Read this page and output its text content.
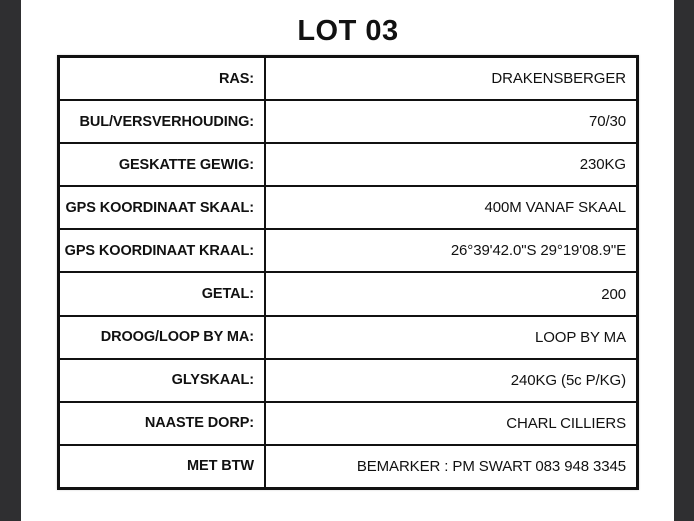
LOT 03
RAS:	DRAKENSBERGER
BUL/VERSVERHOUDING:	70/30
GESKATTE GEWIG:	230KG
GPS KOORDINAAT SKAAL:	400M VANAF SKAAL
GPS KOORDINAAT KRAAL:	26°39'42.0"S 29°19'08.9"E
GETAL:	200
DROOG/LOOP BY MA:	LOOP BY MA
GLYSKAAL:	240KG (5c P/KG)
NAASTE DORP:	CHARL CILLIERS
MET BTW	BEMARKER : PM SWART 083 948 3345
